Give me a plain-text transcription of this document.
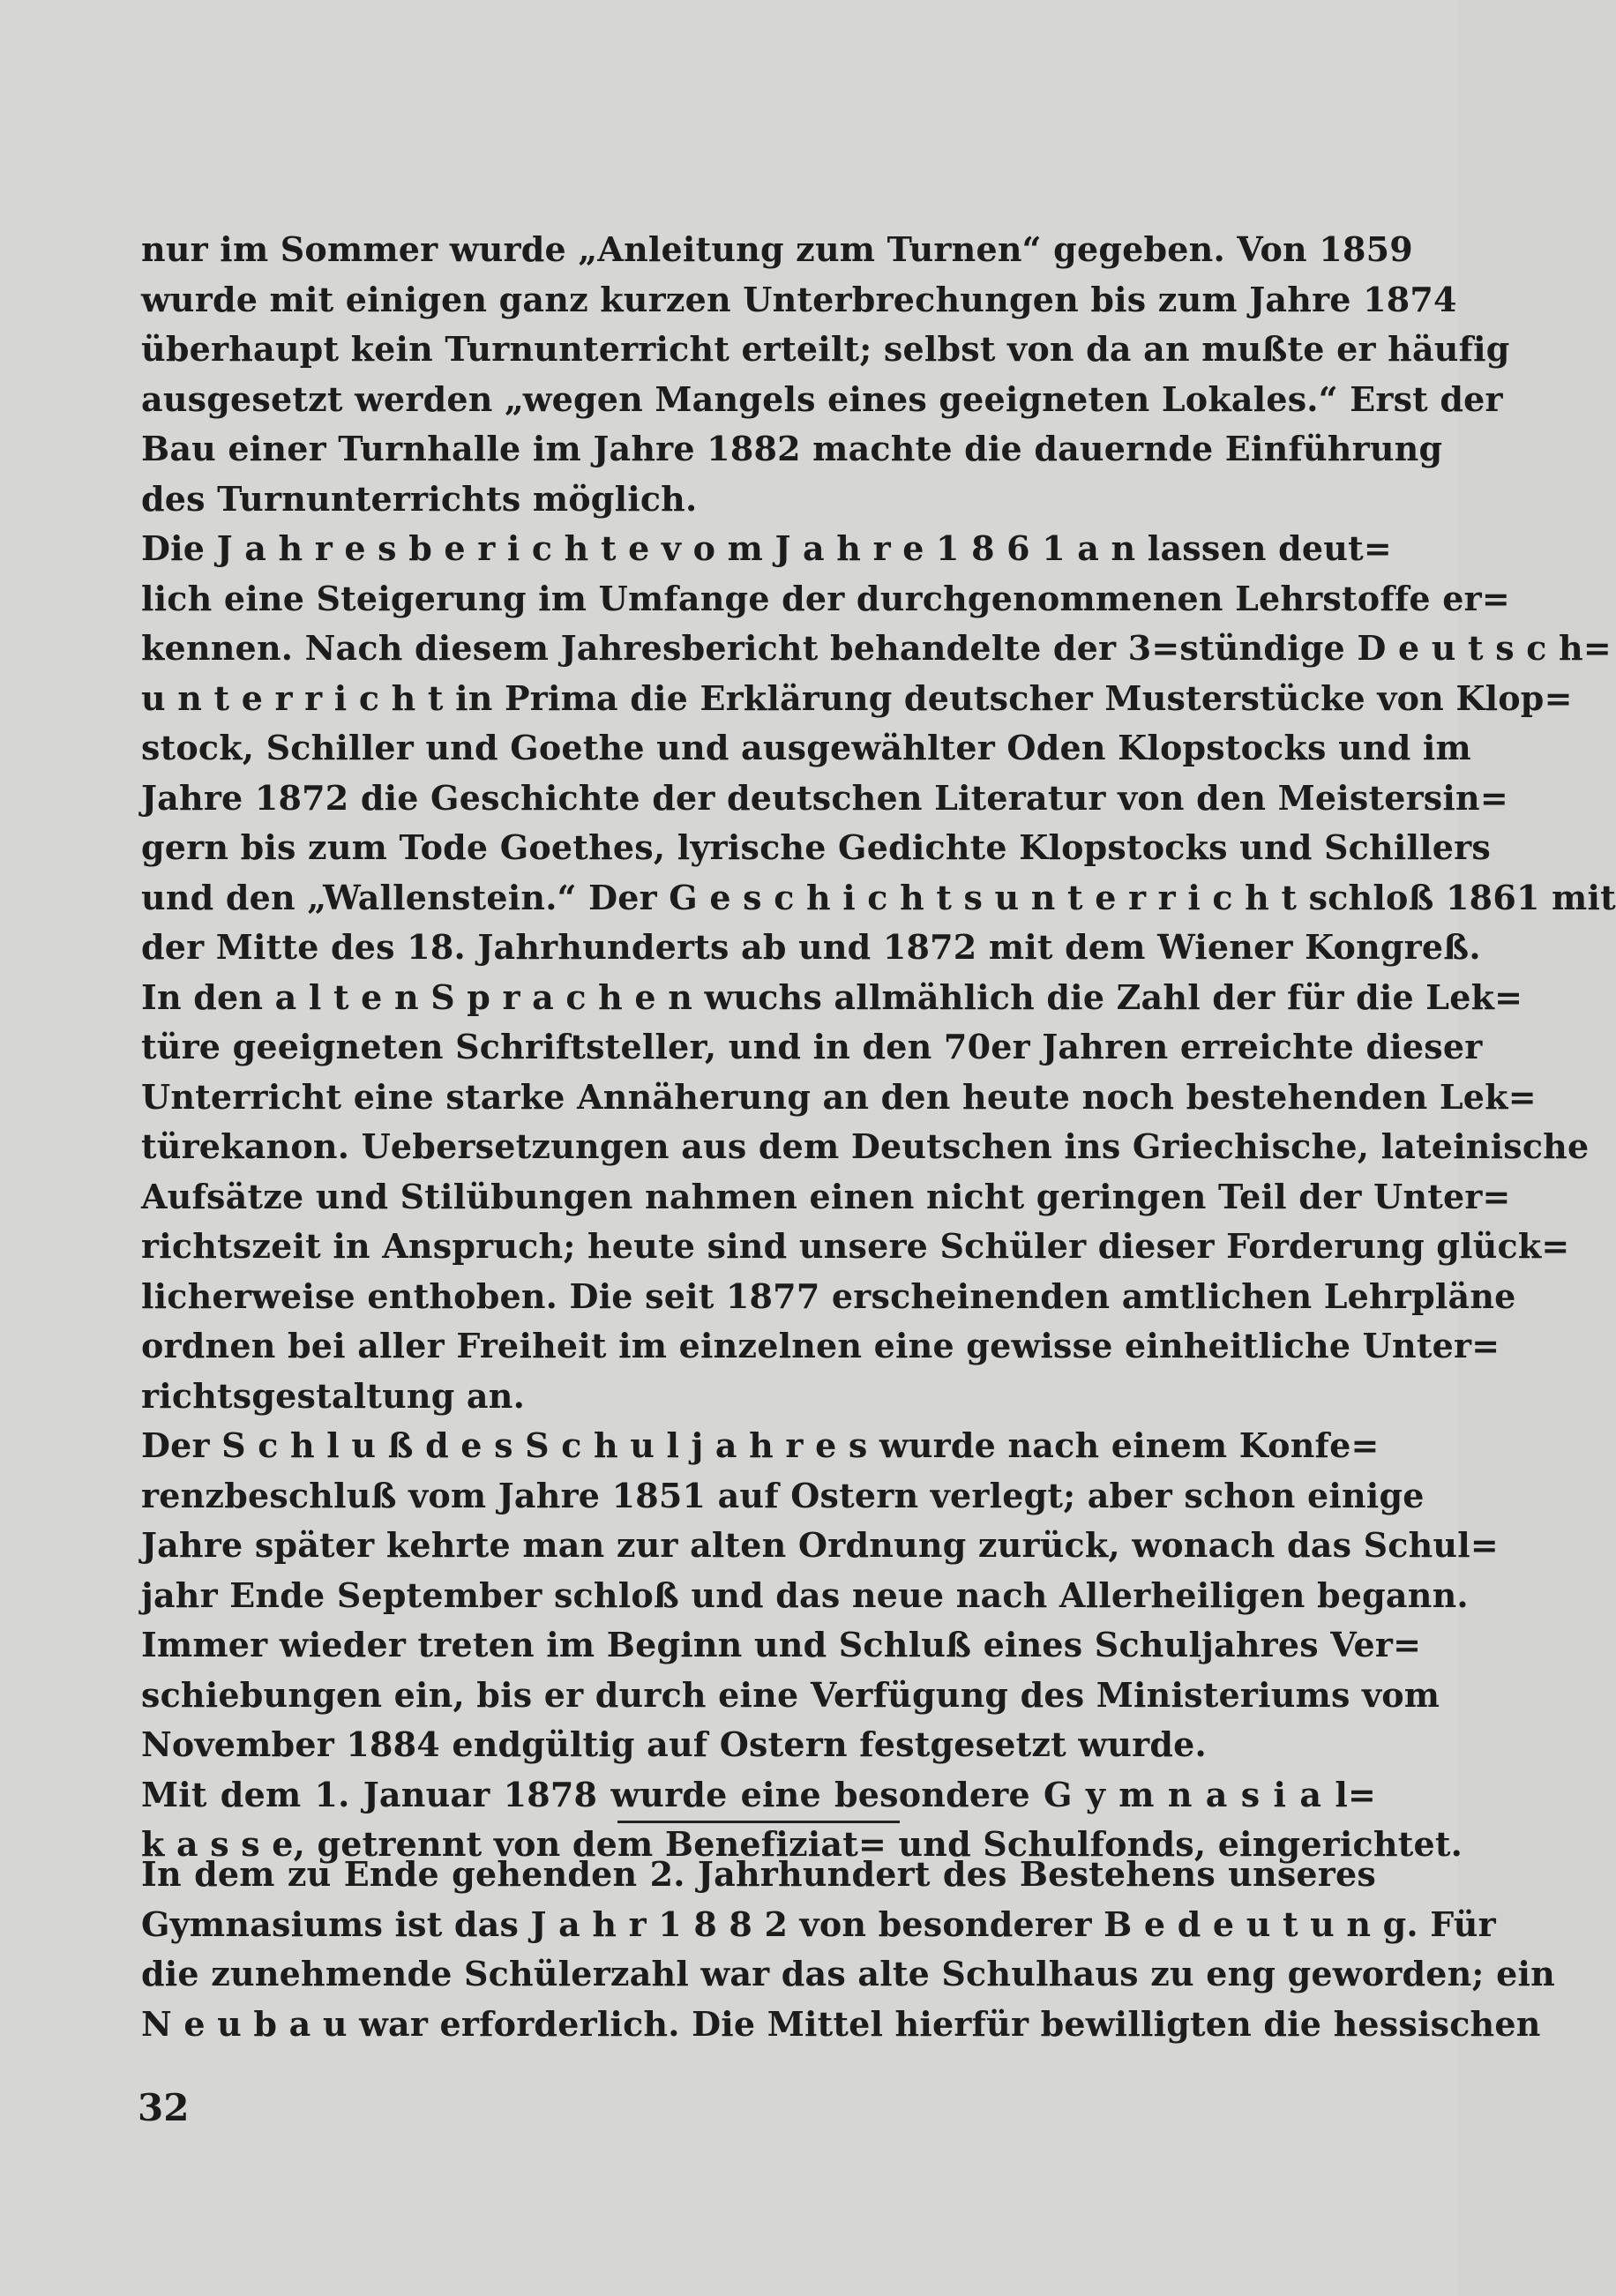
nur im Sommer wurde „Anleitung zum Turnen“ gegeben. Von 1859
wurde mit einigen ganz kurzen Unterbrechungen bis zum Jahre 1874
überhaupt kein Turnunterricht erteilt; selbst von da an mußte er häufig
ausgesetzt werden „wegen Mangels eines geeigneten Lokales.“ Erst der
Bau einer Turnhalle im Jahre 1882 machte die dauernde Einführung
des Turnunterrichts möglich.
Die J a h r e s b e r i c h t e v o m J a h r e 1 8 6 1 a n lassen deut=
lich eine Steigerung im Umfange der durchgenommenen Lehrstoffe er=
kennen. Nach diesem Jahresbericht behandelte der 3=stündige D e u t s c h=
u n t e r r i c h t in Prima die Erklärung deutscher Musterstücke von Klop=
stock, Schiller und Goethe und ausgewählter Oden Klopstocks und im
Jahre 1872 die Geschichte der deutschen Literatur von den Meistersin=
gern bis zum Tode Goethes, lyrische Gedichte Klopstocks und Schillers
und den „Wallenstein.“ Der G e s c h i c h t s u n t e r r i c h t schloß 1861 mit
der Mitte des 18. Jahrhunderts ab und 1872 mit dem Wiener Kongreß.
In den a l t e n S p r a c h e n wuchs allmählich die Zahl der für die Lek=
türe geeigneten Schriftsteller, und in den 70er Jahren erreichte dieser
Unterricht eine starke Annäherung an den heute noch bestehenden Lek=
türekanon. Uebersetzungen aus dem Deutschen ins Griechische, lateinische
Aufsätze und Stilübungen nahmen einen nicht geringen Teil der Unter=
richtszeit in Anspruch; heute sind unsere Schüler dieser Forderung glück=
licherweise enthoben. Die seit 1877 erscheinenden amtlichen Lehrpläne
ordnen bei aller Freiheit im einzelnen eine gewisse einheitliche Unter=
richtsgestaltung an.
Der S c h l u ß d e s S c h u l j a h r e s wurde nach einem Konfe=
renzbeschluß vom Jahre 1851 auf Ostern verlegt; aber schon einige
Jahre später kehrte man zur alten Ordnung zurück, wonach das Schul=
jahr Ende September schloß und das neue nach Allerheiligen begann.
Immer wieder treten im Beginn und Schluß eines Schuljahres Ver=
schiebungen ein, bis er durch eine Verfügung des Ministeriums vom
November 1884 endgültig auf Ostern festgesetzt wurde.
Mit dem 1. Januar 1878 wurde eine besondere G y m n a s i a l=
k a s s e, getrennt von dem Benefiziat= und Schulfonds, eingerichtet.
In dem zu Ende gehenden 2. Jahrhundert des Bestehens unseres
Gymnasiums ist das J a h r 1 8 8 2 von besonderer B e d e u t u n g. Für
die zunehmende Schülerzahl war das alte Schulhaus zu eng geworden; ein
N e u b a u war erforderlich. Die Mittel hierfür bewilligten die hessischen
32
